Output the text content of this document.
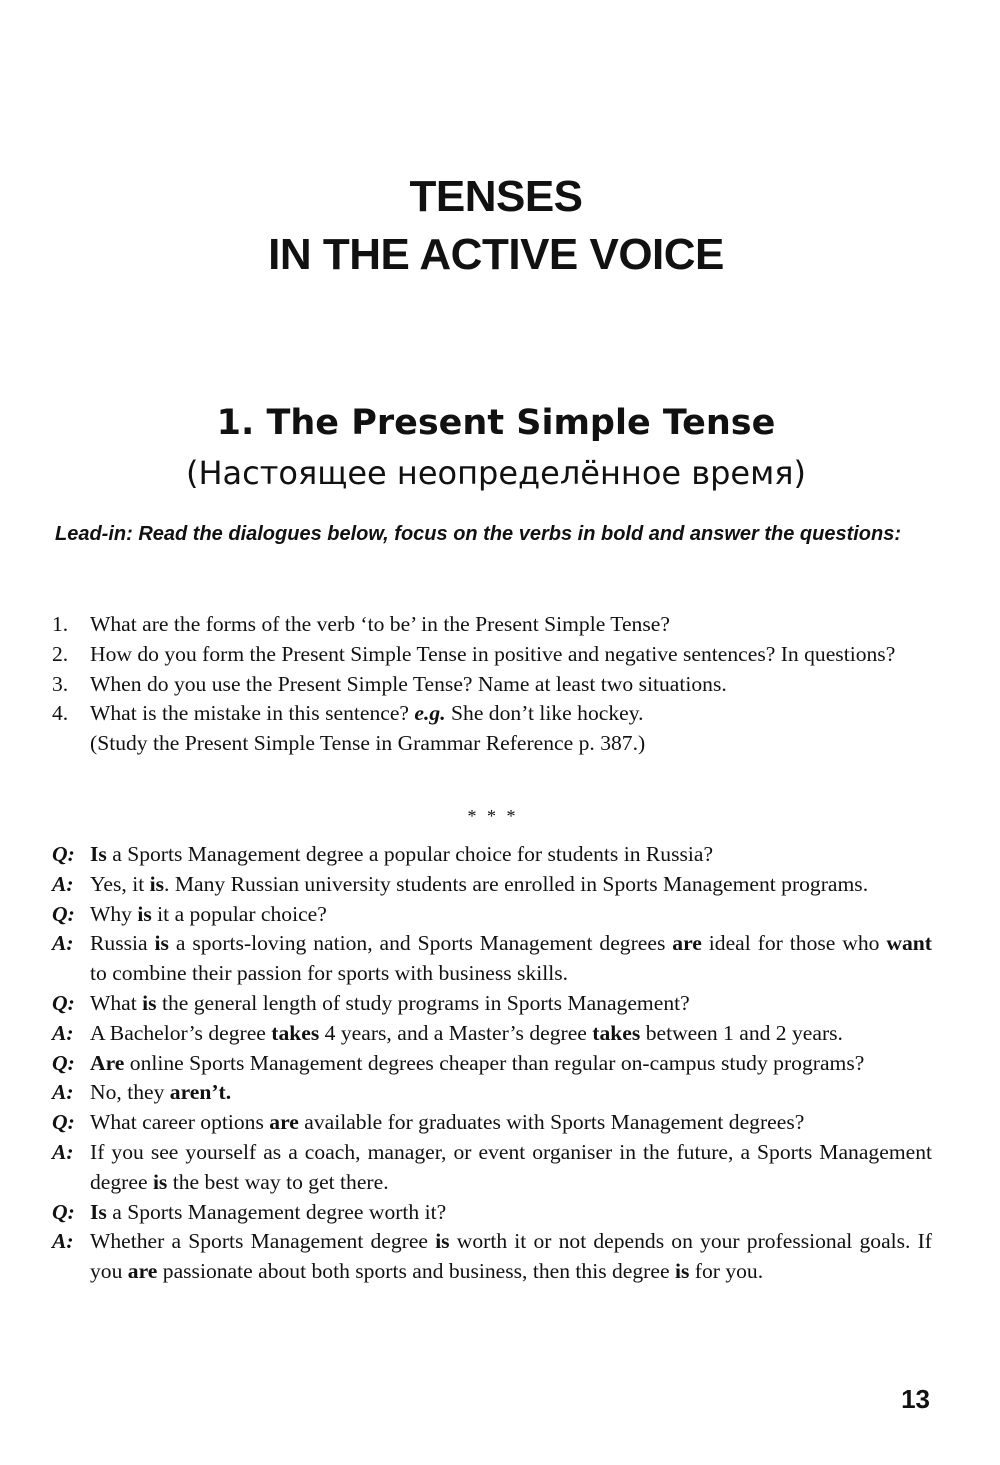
TENSES
IN THE ACTIVE VOICE
1. The Present Simple Tense
(Настоящее неопределённое время)
Lead-in: Read the dialogues below, focus on the verbs in bold and answer the questions:
1.	What are the forms of the verb ‘to be’ in the Present Simple Tense?
2.	How do you form the Present Simple Tense in positive and negative sentences? In questions?
3.	When do you use the Present Simple Tense? Name at least two situations.
4.	What is the mistake in this sentence? e.g. She don’t like hockey.
(Study the Present Simple Tense in Grammar Reference p. 387.)
* * *
Q: Is a Sports Management degree a popular choice for students in Russia?
A: Yes, it is. Many Russian university students are enrolled in Sports Management programs.
Q: Why is it a popular choice?
A: Russia is a sports-loving nation, and Sports Management degrees are ideal for those who want to combine their passion for sports with business skills.
Q: What is the general length of study programs in Sports Management?
A: A Bachelor’s degree takes 4 years, and a Master’s degree takes between 1 and 2 years.
Q: Are online Sports Management degrees cheaper than regular on-campus study programs?
A: No, they aren’t.
Q: What career options are available for graduates with Sports Management degrees?
A: If you see yourself as a coach, manager, or event organiser in the future, a Sports Management degree is the best way to get there.
Q: Is a Sports Management degree worth it?
A: Whether a Sports Management degree is worth it or not depends on your professional goals. If you are passionate about both sports and business, then this degree is for you.
13
